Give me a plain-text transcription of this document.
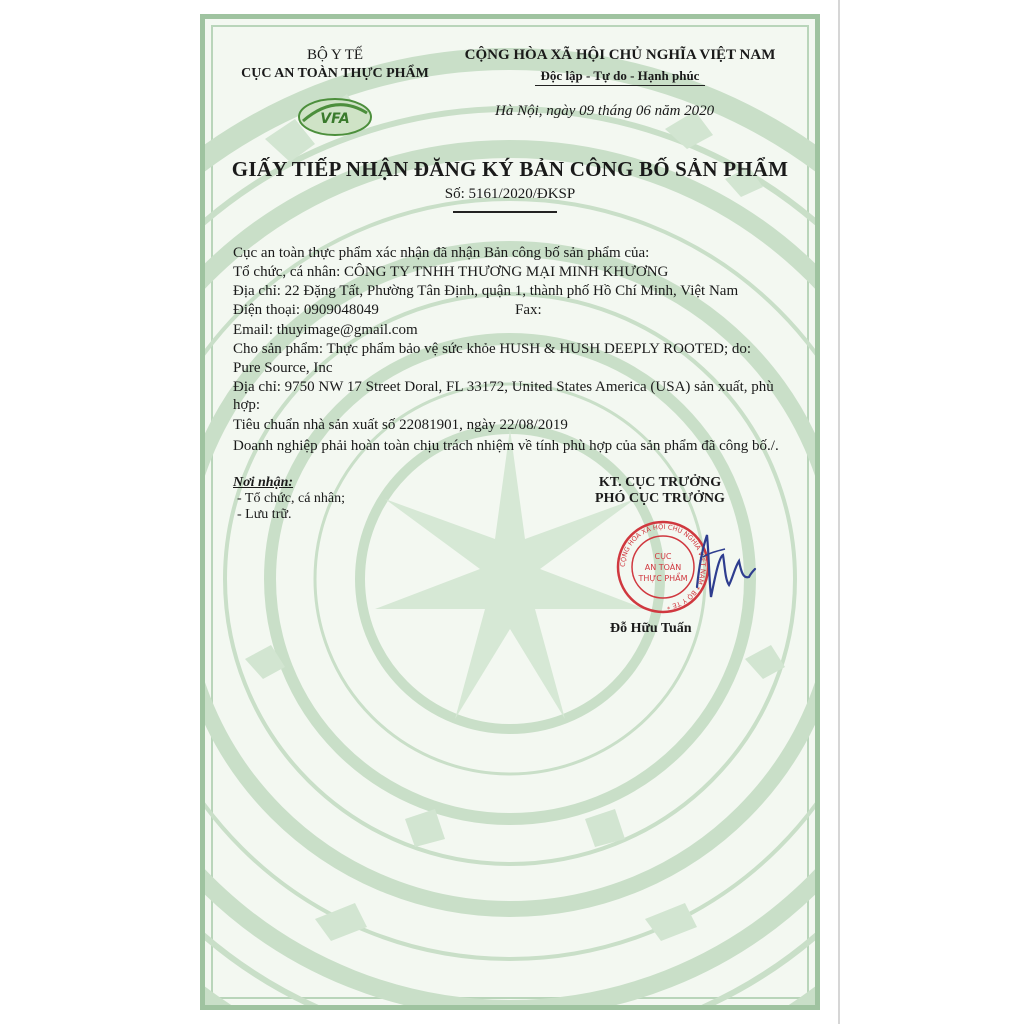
BỘ Y TẾ
CỤC AN TOÀN THỰC PHẨM
VFA
CỘNG HÒA XÃ HỘI CHỦ NGHĨA VIỆT NAM
Độc lập - Tự do - Hạnh phúc
Hà Nội, ngày 09 tháng 06 năm 2020
GIẤY TIẾP NHẬN ĐĂNG KÝ BẢN CÔNG BỐ SẢN PHẨM
Số: 5161/2020/ĐKSP
Cục an toàn thực phẩm xác nhận đã nhận Bản công bố sản phẩm của:
Tổ chức, cá nhân: CÔNG TY TNHH THƯƠNG MẠI MINH KHƯƠNG
Địa chỉ: 22 Đặng Tất, Phường Tân Định, quận 1, thành phố Hồ Chí Minh, Việt Nam
Điện thoại: 0909048049	Fax:
Email: thuyimage@gmail.com
Cho sản phẩm: Thực phẩm bảo vệ sức khỏe HUSH & HUSH DEEPLY ROOTED; do:
Pure Source, Inc
Địa chỉ: 9750 NW 17 Street Doral, FL 33172, United States America (USA) sản xuất, phù
hợp:
Tiêu chuẩn nhà sản xuất số 22081901, ngày 22/08/2019
Doanh nghiệp phải hoàn toàn chịu trách nhiệm về tính phù hợp của sản phẩm đã công bố./.
Nơi nhận:
- Tổ chức, cá nhân;
- Lưu trữ.
KT. CỤC TRƯỞNG
PHÓ CỤC TRƯỞNG
CỘNG HÒA XÃ HỘI CHỦ NGHĨA VIỆT NAM * BỘ Y TẾ *
CỤC
AN TOÀN
THỰC PHẨM
Đỗ Hữu Tuấn
